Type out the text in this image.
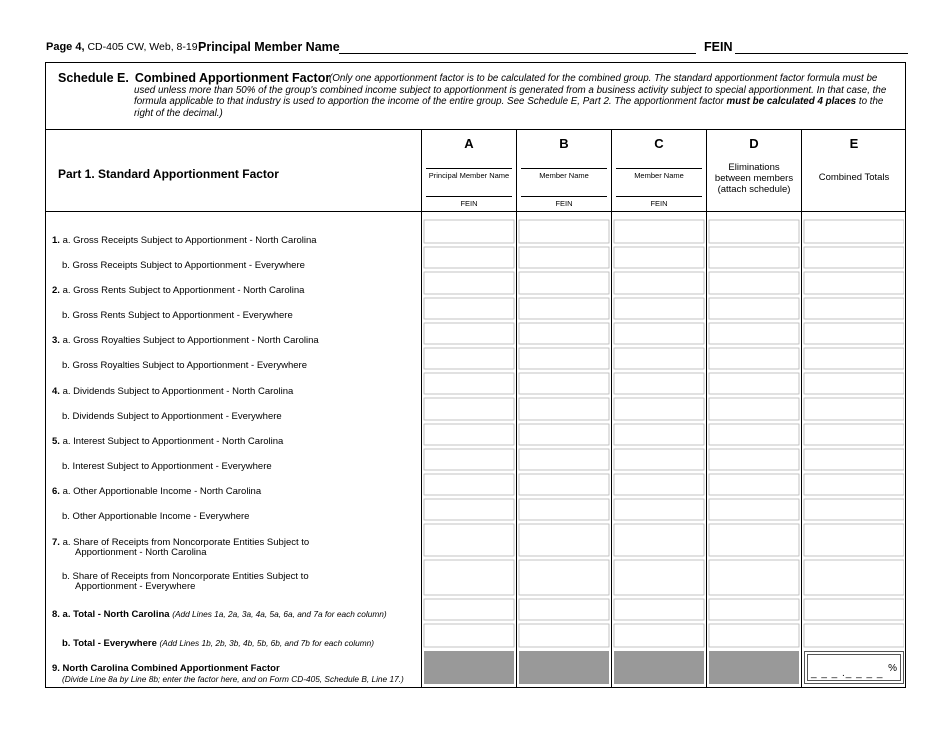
Page 4, CD-405 CW, Web, 8-19 Principal Member Name	FEIN
Schedule E. Combined Apportionment Factor
(Only one apportionment factor is to be calculated for the combined group. The standard apportionment factor formula must be used unless more than 50% of the group's combined income subject to apportionment is generated from a business activity subject to special apportionment. In that case, the formula applicable to that industry is used to apportion the income of the entire group. See Schedule E, Part 2. The apportionment factor must be calculated 4 places to the right of the decimal.)
Part 1. Standard Apportionment Factor
A
Principal Member Name
FEIN
B
Member Name
FEIN
C
Member Name
FEIN
D
Eliminations
between members
(attach schedule)
E
Combined Totals
1. a. Gross Receipts Subject to Apportionment - North Carolina
b. Gross Receipts Subject to Apportionment - Everywhere
2. a. Gross Rents Subject to Apportionment - North Carolina
b. Gross Rents Subject to Apportionment - Everywhere
3. a. Gross Royalties Subject to Apportionment - North Carolina
b. Gross Royalties Subject to Apportionment - Everywhere
4. a. Dividends Subject to Apportionment - North Carolina
b. Dividends Subject to Apportionment - Everywhere
5. a. Interest Subject to Apportionment - North Carolina
b. Interest Subject to Apportionment - Everywhere
6. a. Other Apportionable Income - North Carolina
b. Other Apportionable Income - Everywhere
7. a. Share of Receipts from Noncorporate Entities Subject to
Apportionment - North Carolina
b. Share of Receipts from Noncorporate Entities Subject to
Apportionment - Everywhere
8. a. Total - North Carolina (Add Lines 1a, 2a, 3a, 4a, 5a, 6a, and 7a for each column)
b. Total - Everywhere (Add Lines 1b, 2b, 3b, 4b, 5b, 6b, and 7b for each column)
9. North Carolina Combined Apportionment Factor
(Divide Line 8a by Line 8b; enter the factor here, and on Form CD-405, Schedule B, Line 17.)	_ _ _ ._ _ _ _ %
